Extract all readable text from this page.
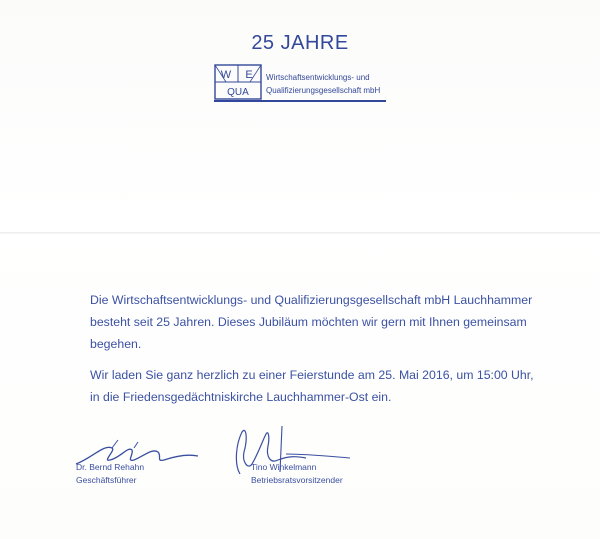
25 JAHRE
W E
QUA
Wirtschaftsentwicklungs- und
Qualifizierungsgesellschaft mbH

Die Wirtschaftsentwicklungs- und Qualifizierungsgesellschaft mbH Lauchhammer

besteht seit 25 Jahren. Dieses Jubiläum möchten wir gern mit Ihnen gemeinsam

begehen.

Wir laden Sie ganz herzlich zu einer Feierstunde am 25. Mai 2016, um 15:00 Uhr,

in die Friedensgedächtniskirche Lauchhammer-Ost ein.

Dr. Bernd Rehahn
Geschäftsführer
Tino Winkelmann
Betriebsratsvorsitzender
